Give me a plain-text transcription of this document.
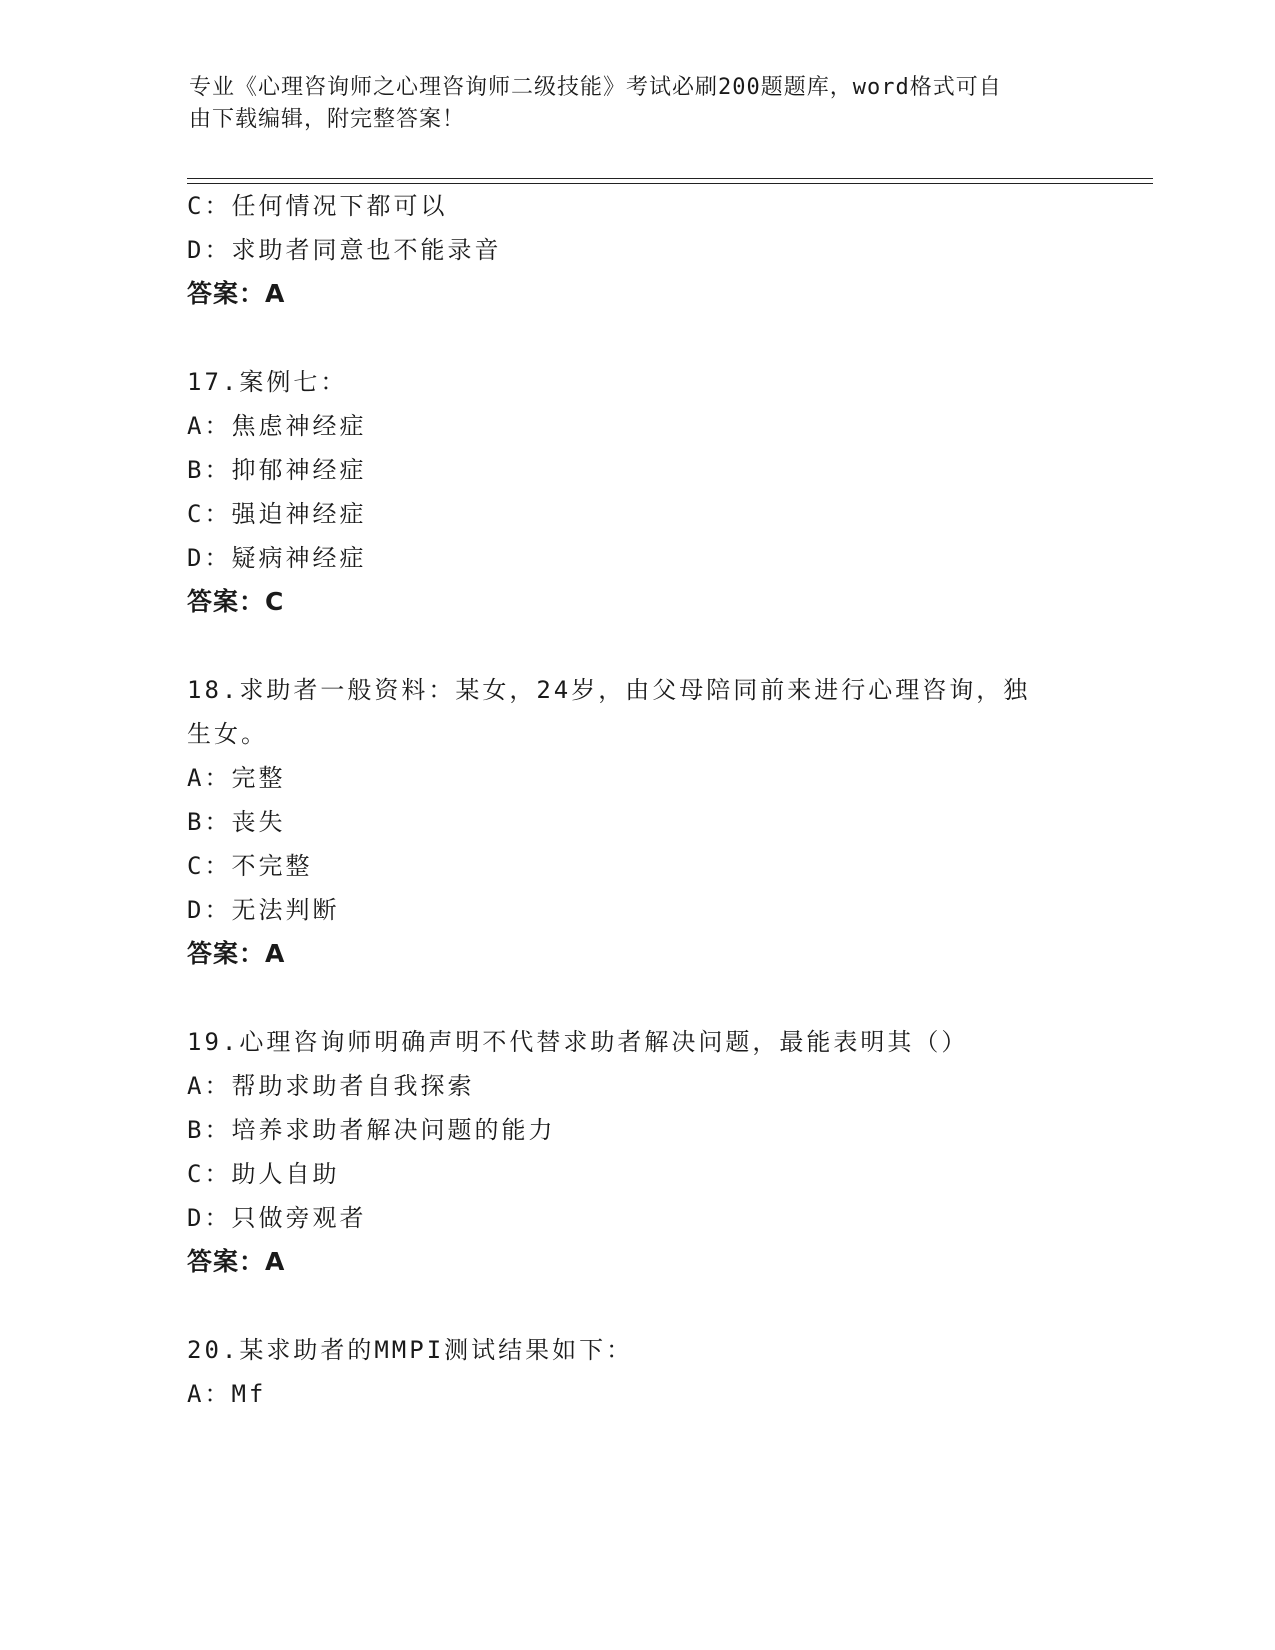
专业《心理咨询师之心理咨询师二级技能》考试必刷200题题库，word格式可自
由下载编辑，附完整答案！
C：任何情况下都可以
D：求助者同意也不能录音
答案：A
17.案例七：
A：焦虑神经症
B：抑郁神经症
C：强迫神经症
D：疑病神经症
答案：C
18.求助者一般资料：某女，24岁，由父母陪同前来进行心理咨询，独
生女。
A：完整
B：丧失
C：不完整
D：无法判断
答案：A
19.心理咨询师明确声明不代替求助者解决问题，最能表明其（）
A：帮助求助者自我探索
B：培养求助者解决问题的能力
C：助人自助
D：只做旁观者
答案：A
20.某求助者的MMPI测试结果如下：
A：Mf
